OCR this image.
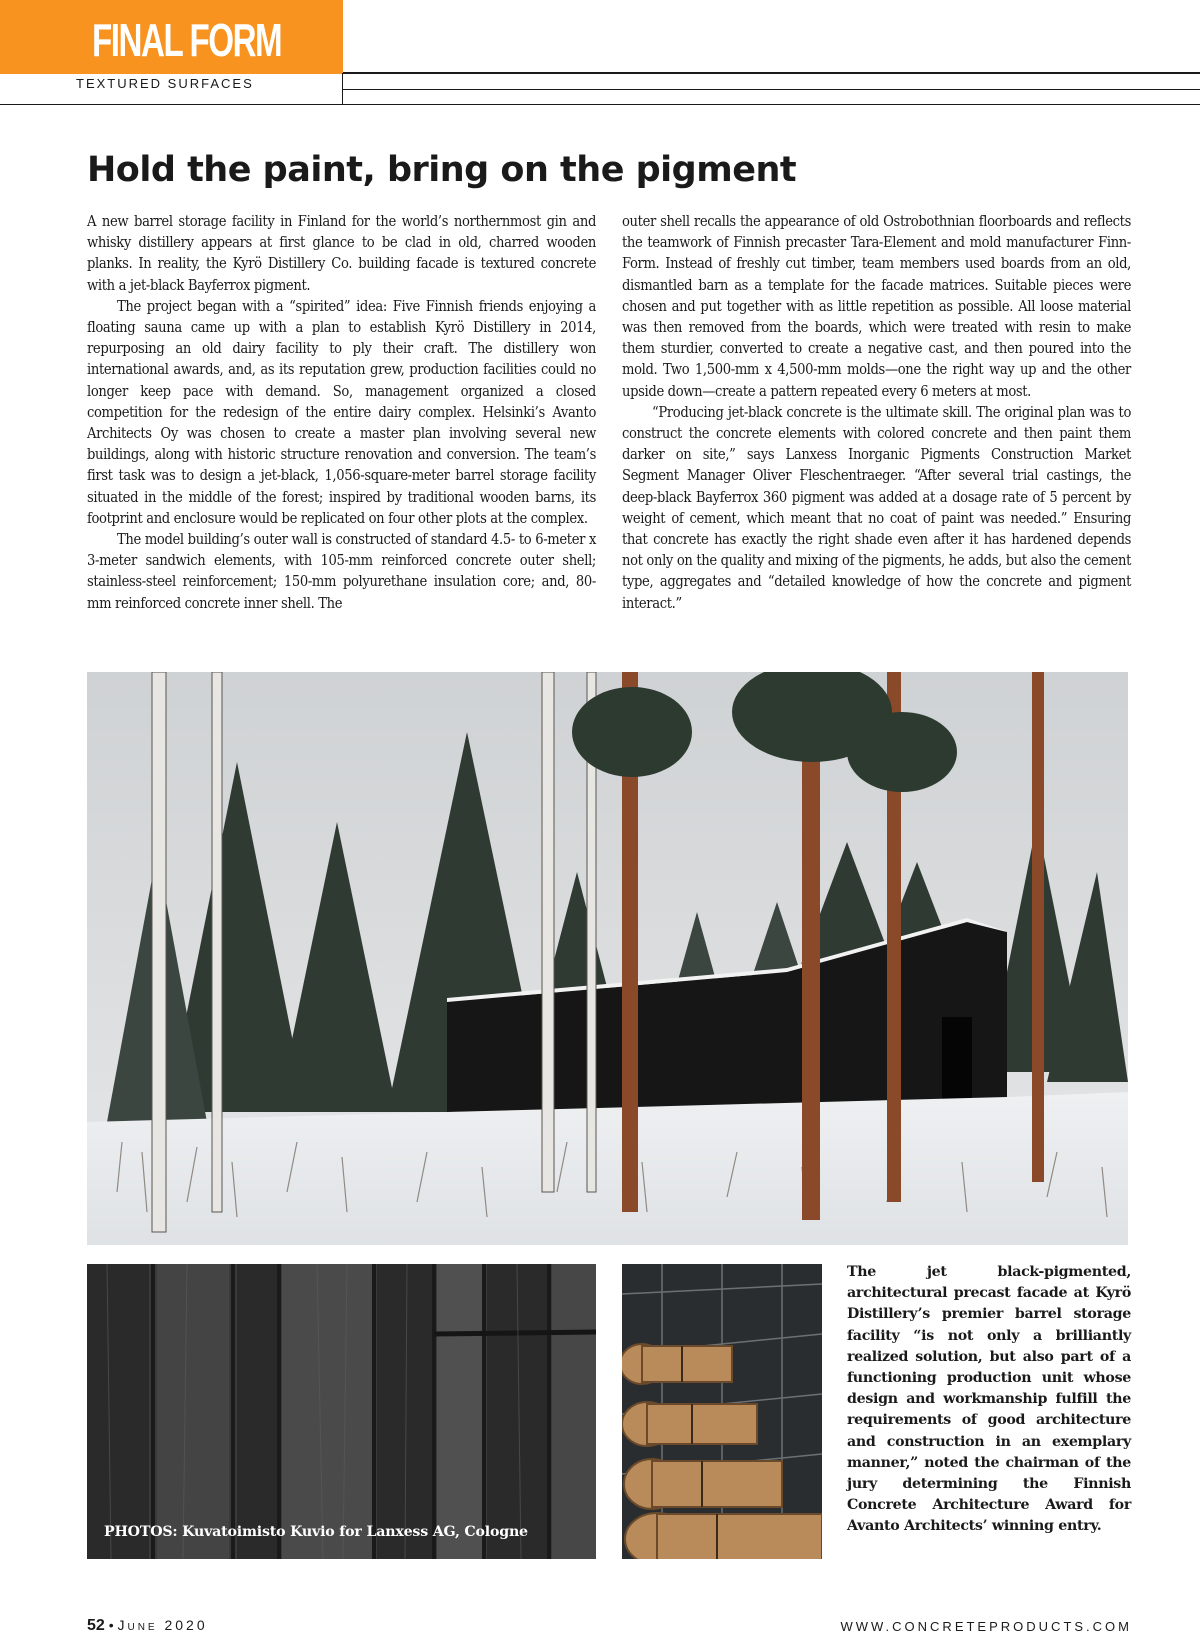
FINAL FORM
TEXTURED SURFACES
Hold the paint, bring on the pigment

A new barrel storage facility in Finland for the world’s northernmost gin and whisky distillery appears at first glance to be clad in old, charred wooden planks. In reality, the Kyrö Distillery Co. building facade is textured concrete with a jet-black Bayferrox pigment.

The project began with a “spirited” idea: Five Finnish friends enjoying a floating sauna came up with a plan to establish Kyrö Distillery in 2014, repurposing an old dairy facility to ply their craft. The distillery won international awards, and, as its reputation grew, production facilities could no longer keep pace with demand. So, management organized a closed competition for the redesign of the entire dairy complex. Helsinki’s Avanto Architects Oy was chosen to create a master plan involving several new buildings, along with historic structure renovation and conversion. The team’s first task was to design a jet-black, 1,056-square-meter barrel storage facility situated in the middle of the forest; inspired by traditional wooden barns, its footprint and enclosure would be replicated on four other plots at the complex.

The model building’s outer wall is constructed of standard 4.5- to 6-meter x 3-meter sandwich elements, with 105-mm reinforced concrete outer shell; stainless-steel reinforcement; 150-mm polyurethane insulation core; and, 80-mm reinforced concrete inner shell. The

outer shell recalls the appearance of old Ostrobothnian floorboards and reflects the teamwork of Finnish precaster Tara-Element and mold manufacturer Finn-Form. Instead of freshly cut timber, team members used boards from an old, dismantled barn as a template for the facade matrices. Suitable pieces were chosen and put together with as little repetition as possible. All loose material was then removed from the boards, which were treated with resin to make them sturdier, converted to create a negative cast, and then poured into the mold. Two 1,500-mm x 4,500-mm molds—one the right way up and the other upside down—create a pattern repeated every 6 meters at most.

“Producing jet-black concrete is the ultimate skill. The original plan was to construct the concrete elements with colored concrete and then paint them darker on site,” says Lanxess Inorganic Pigments Construction Market Segment Manager Oliver Fleschentraeger. “After several trial castings, the deep-black Bayferrox 360 pigment was added at a dosage rate of 5 percent by weight of cement, which meant that no coat of paint was needed.” Ensuring that concrete has exactly the right shade even after it has hardened depends not only on the quality and mixing of the pigments, he adds, but also the cement type, aggregates and “detailed knowledge of how the concrete and pigment interact.”

PHOTOS: Kuvatoimisto Kuvio for Lanxess AG, Cologne
The jet black-pigmented, architectural precast facade at Kyrö Distillery’s premier barrel storage facility “is not only a brilliantly realized solution, but also part of a functioning production unit whose design and workmanship fulfill the requirements of good architecture and construction in an exemplary manner,” noted the chairman of the jury determining the Finnish Concrete Architecture Award for Avanto Architects’ winning entry.
52 • June 2020	WWW.CONCRETEPRODUCTS.COM
